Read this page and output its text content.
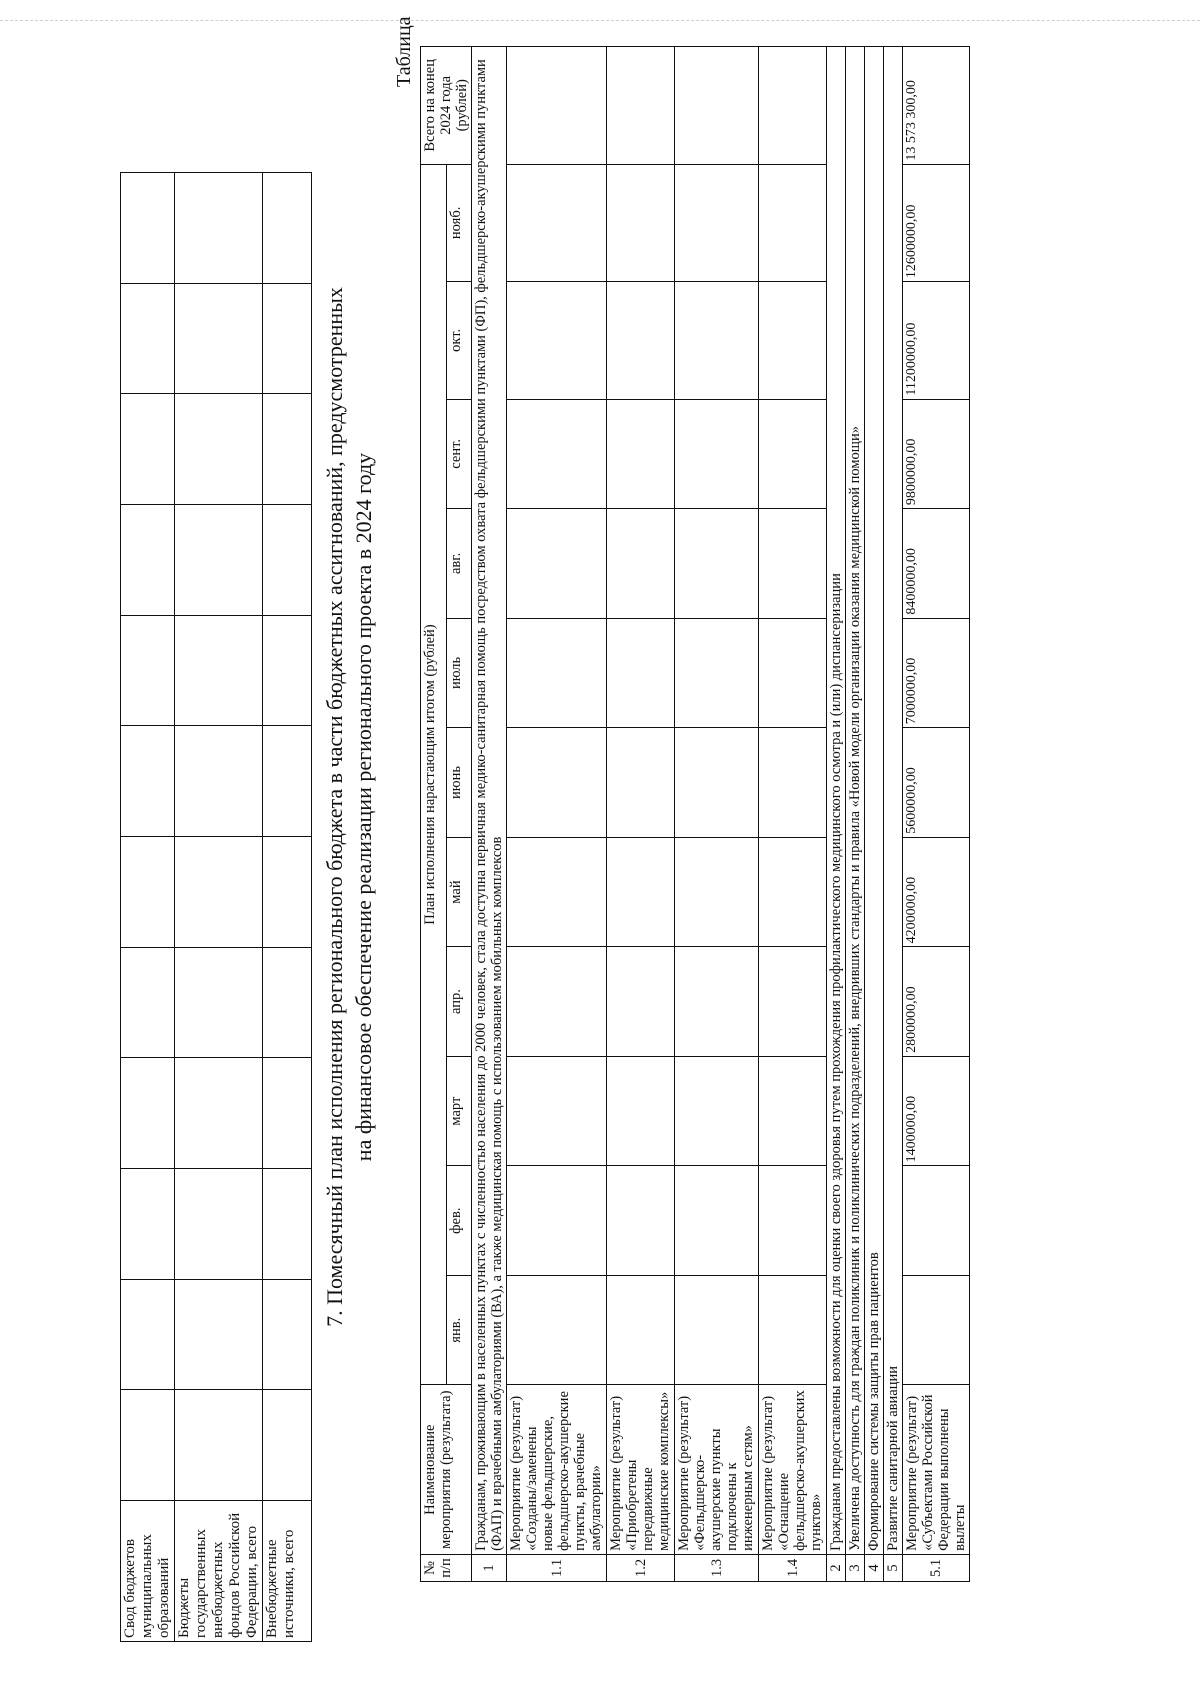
Свод бюджетов муниципальных образований												
Бюджеты государственных внебюджетных фондов Российской Федерации, всего												
Внебюджетные источники, всего												
7. Помесячный план исполнения регионального бюджета в части бюджетных ассигнований, предусмотренных на финансовое обеспечение реализации регионального проекта в 2024 году
Таблица
№ п/п	Наименование мероприятия (результата)	План исполнения нарастающим итогом (рублей)											Всего на конец 2024 года (рублей)
		янв.	фев.	март	апр.	май	июнь	июль	авг.	сент.	окт.	нояб.	
1	Гражданам, проживающим в населенных пунктах с численностью населения до 2000 человек, стала доступна первичная медико-санитарная помощь посредством охвата фельдшерскими пунктами (ФП), фельдшерско-акушерскими пунктами (ФАП) и врачебными амбулаториями (ВА), а также медицинская помощь с использованием мобильных комплексов												
1.1	Мероприятие (результат) «Созданы/заменены новые фельдшерские, фельдшерско-акушерские пункты, врачебные амбулатории»												
1.2	Мероприятие (результат) «Приобретены передвижные медицинские комплексы»												
1.3	Мероприятие (результат) «Фельдшерско-акушерские пункты подключены к инженерным сетям»												
1.4	Мероприятие (результат) «Оснащение фельдшерско-акушерских пунктов»												
2	Гражданам предоставлены возможности для оценки своего здоровья путем прохождения профилактического медицинского осмотра и (или) диспансеризации												
3	Увеличена доступность для граждан поликлиник и поликлинических подразделений, внедривших стандарты и правила «Новой модели организации оказания медицинской помощи»												
4	Формирование системы защиты прав пациентов												
5	Развитие санитарной авиации												
5.1	Мероприятие (результат) «Субъектами Российской Федерации выполнены вылеты			1400000,00	2800000,00	4200000,00	5600000,00	7000000,00	8400000,00	9800000,00	11200000,00	12600000,00	13 573 300,00
